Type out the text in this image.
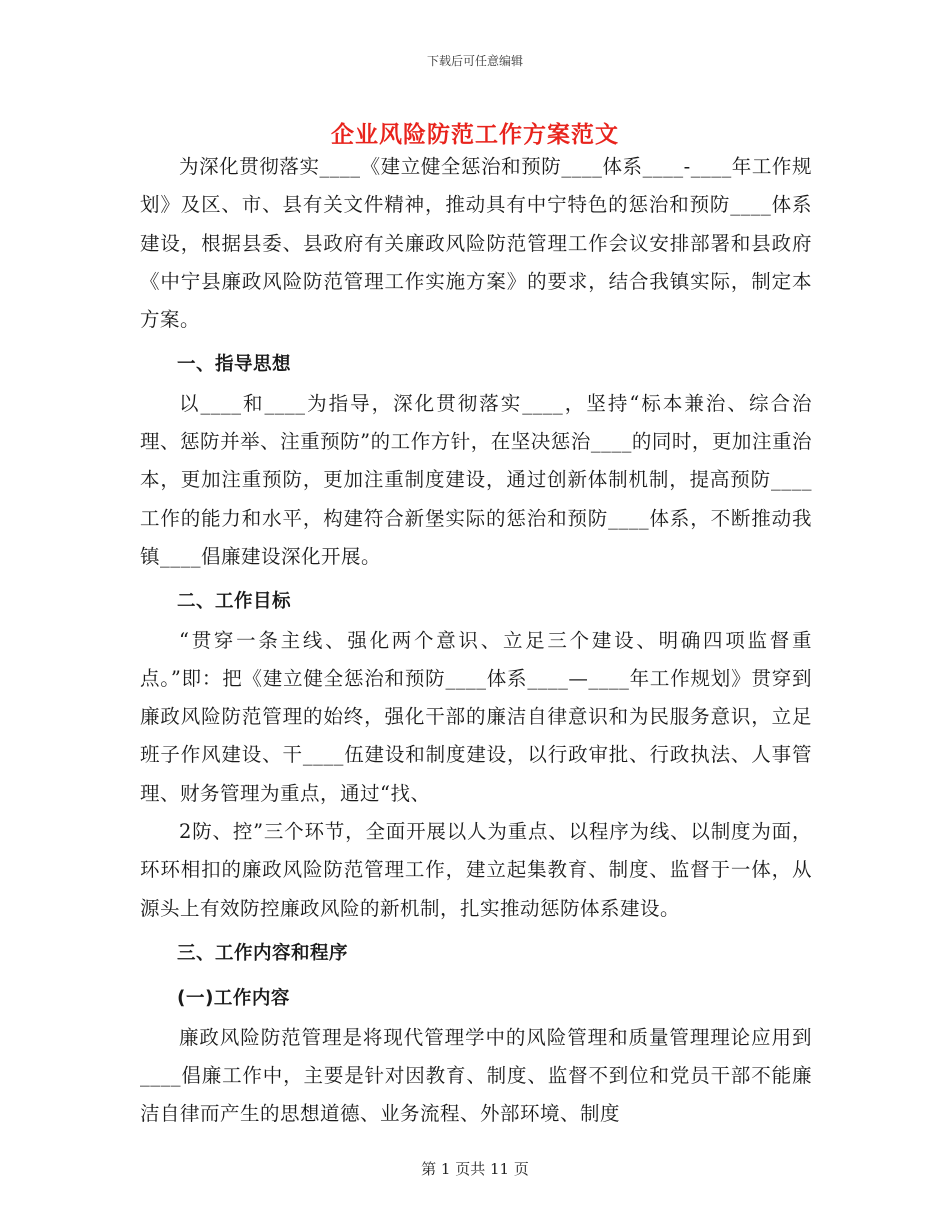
下载后可任意编辑
企业风险防范工作方案范文

为深化贯彻落实____《建立健全惩治和预防____体系____-____年工作规划》及区、市、县有关文件精神，推动具有中宁特色的惩治和预防____体系建设，根据县委、县政府有关廉政风险防范管理工作会议安排部署和县政府《中宁县廉政风险防范管理工作实施方案》的要求，结合我镇实际，制定本方案。

一、指导思想

以____和____为指导，深化贯彻落实____，坚持“标本兼治、综合治理、惩防并举、注重预防”的工作方针，在坚决惩治____的同时，更加注重治本，更加注重预防，更加注重制度建设，通过创新体制机制，提高预防____工作的能力和水平，构建符合新堡实际的惩治和预防____体系，不断推动我镇____倡廉建设深化开展。

二、工作目标

“贯穿一条主线、强化两个意识、立足三个建设、明确四项监督重点。”即：把《建立健全惩治和预防____体系____—____年工作规划》贯穿到廉政风险防范管理的始终，强化干部的廉洁自律意识和为民服务意识，立足班子作风建设、干____伍建设和制度建设，以行政审批、行政执法、人事管理、财务管理为重点，通过“找、

2防、控”三个环节，全面开展以人为重点、以程序为线、以制度为面，环环相扣的廉政风险防范管理工作，建立起集教育、制度、监督于一体，从源头上有效防控廉政风险的新机制，扎实推动惩防体系建设。

三、工作内容和程序

(一)工作内容

廉政风险防范管理是将现代管理学中的风险管理和质量管理理论应用到____倡廉工作中，主要是针对因教育、制度、监督不到位和党员干部不能廉洁自律而产生的思想道德、业务流程、外部环境、制度

第 1 页共 11 页
